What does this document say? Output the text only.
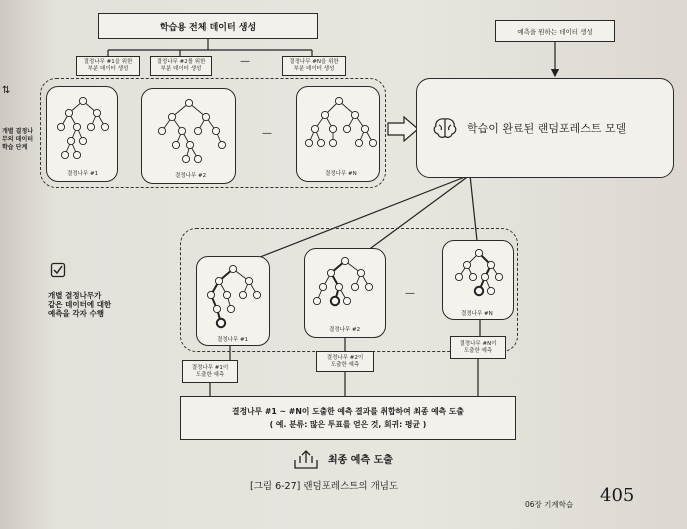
학습용 전체 데이터 생성	예측을 원하는 데이터 생성
결정나무 #1을 위한
부분 데이터 생성
결정나무 #2를 위한
부분 데이터 생성
—	결정나무 #N을 위한
부분 데이터 생성
⇅
개별 결정나무의 데이터 학습 단계
결정나무 #1	결정나무 #2
—
결정나무 #N
학습이 완료된 랜덤포레스트 모델
개별 결정나무가
같은 데이터에 대한
예측을 각자 수행
결정나무 #1
결정나무 #2
—
결정나무 #N
결정나무 #1이
도출한 예측
결정나무 #2이
도출한 예측
결정나무 #N이
도출한 예측
결정나무 #1 ~ #N이 도출한 예측 결과를 취합하여 최종 예측 도출
( 예. 분류: 많은 투표를 얻은 것, 회귀: 평균 )
최종 예측 도출
[그림 6-27] 랜덤포레스트의 개념도
06장 기계학습 405
